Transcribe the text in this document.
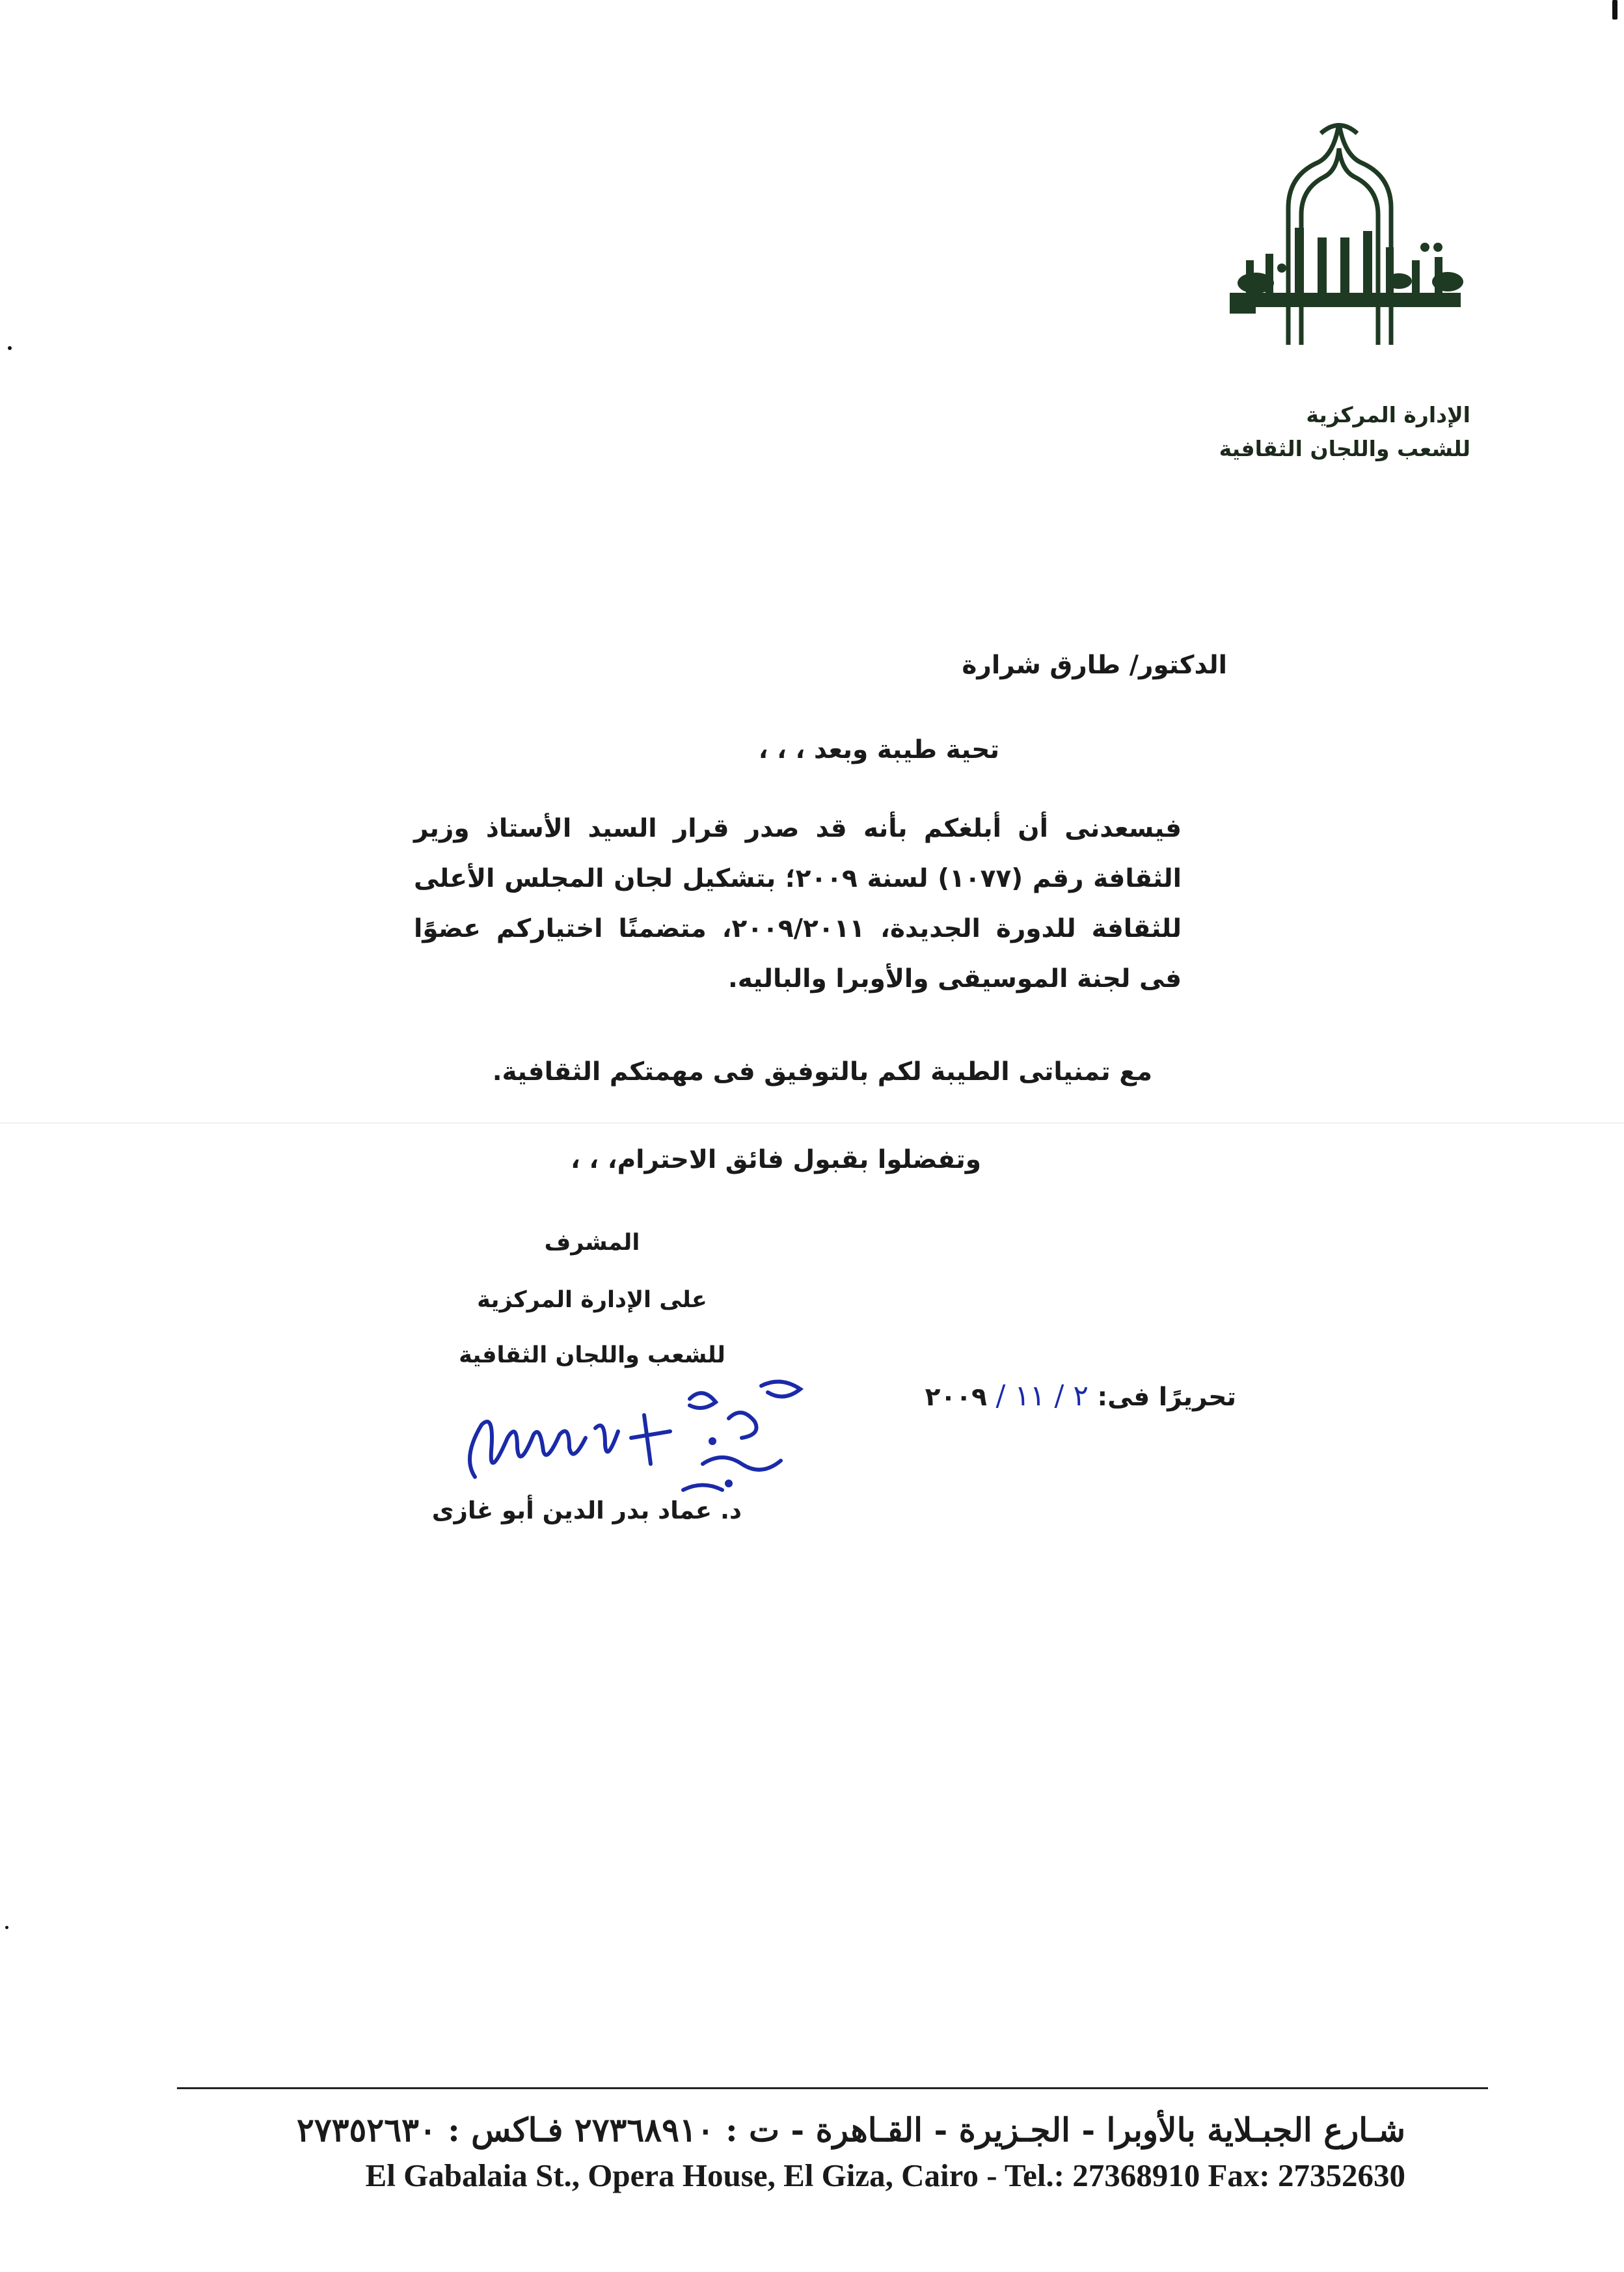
الإدارة المركزية
للشعب واللجان الثقافية
الدكتور/ طارق شرارة
تحية طيبة وبعد ، ، ،
فيسعدنى أن أبلغكم بأنه قد صدر قرار السيد الأستاذ وزير الثقافة رقم (١٠٧٧) لسنة ٢٠٠٩؛ بتشكيل لجان المجلس الأعلى للثقافة للدورة الجديدة، ٢٠٠٩/٢٠١١، متضمنًا اختياركم عضوًا فى لجنة الموسيقى والأوبرا والباليه.
مع تمنياتى الطيبة لكم بالتوفيق فى مهمتكم الثقافية.
وتفضلوا بقبول فائق الاحترام، ، ،
المشرف
على الإدارة المركزية
للشعب واللجان الثقافية
د. عماد بدر الدين أبو غازى
تحريرًا فى: ٢ / ١١ / ٢٠٠٩
شـارع الجبـلاية بالأوبرا - الجـزيرة - القـاهرة - ت : ٢٧٣٦٨٩١٠ فـاكس : ٢٧٣٥٢٦٣٠
El Gabalaia St., Opera House, El Giza, Cairo - Tel.: 27368910 Fax: 27352630
